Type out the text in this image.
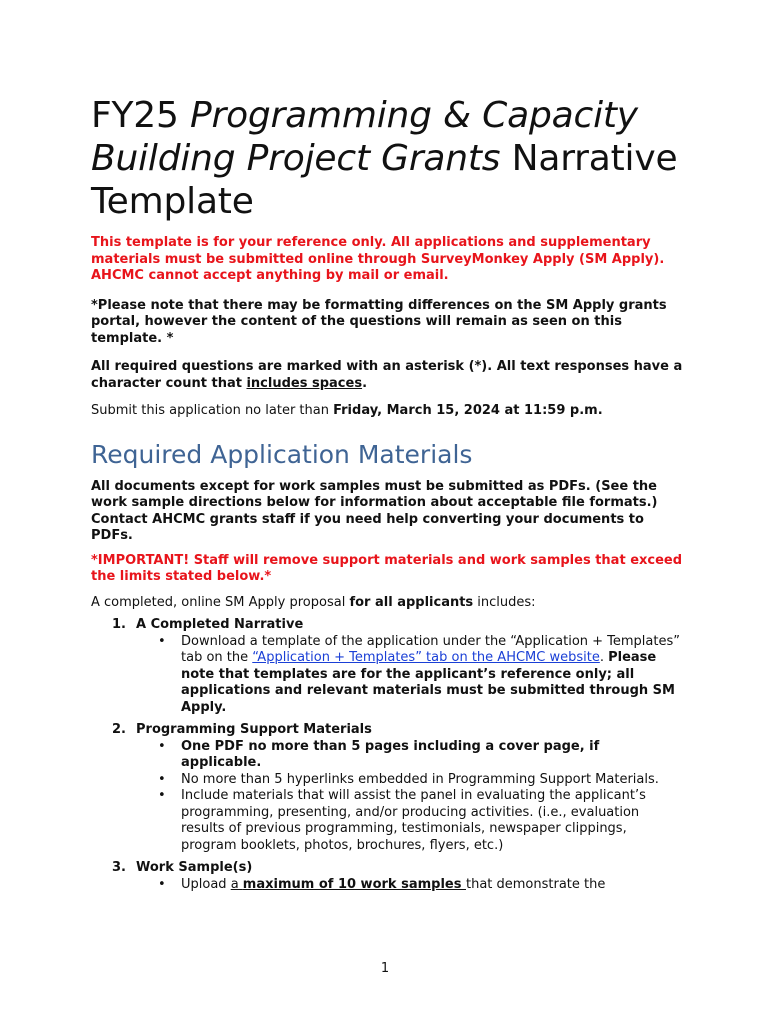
FY25 Programming & Capacity Building Project Grants Narrative Template

This template is for your reference only. All applications and supplementary materials must be submitted online through SurveyMonkey Apply (SM Apply). AHCMC cannot accept anything by mail or email.

*Please note that there may be formatting differences on the SM Apply grants portal, however the content of the questions will remain as seen on this template. *

All required questions are marked with an asterisk (*). All text responses have a character count that includes spaces.

Submit this application no later than Friday, March 15, 2024 at 11:59 p.m.

Required Application Materials

All documents except for work samples must be submitted as PDFs. (See the work sample directions below for information about acceptable file formats.) Contact AHCMC grants staff if you need help converting your documents to PDFs.

*IMPORTANT! Staff will remove support materials and work samples that exceed the limits stated below.*

A completed, online SM Apply proposal for all applicants includes:

1. A Completed Narrative
• Download a template of the application under the “Application + Templates” tab on the “Application + Templates” tab on the AHCMC website. Please note that templates are for the applicant’s reference only; all applications and relevant materials must be submitted through SM Apply.
2. Programming Support Materials
• One PDF no more than 5 pages including a cover page, if applicable.
• No more than 5 hyperlinks embedded in Programming Support Materials.
• Include materials that will assist the panel in evaluating the applicant’s programming, presenting, and/or producing activities. (i.e., evaluation results of previous programming, testimonials, newspaper clippings, program booklets, photos, brochures, flyers, etc.)
3. Work Sample(s)
• Upload a maximum of 10 work samples that demonstrate the
1
